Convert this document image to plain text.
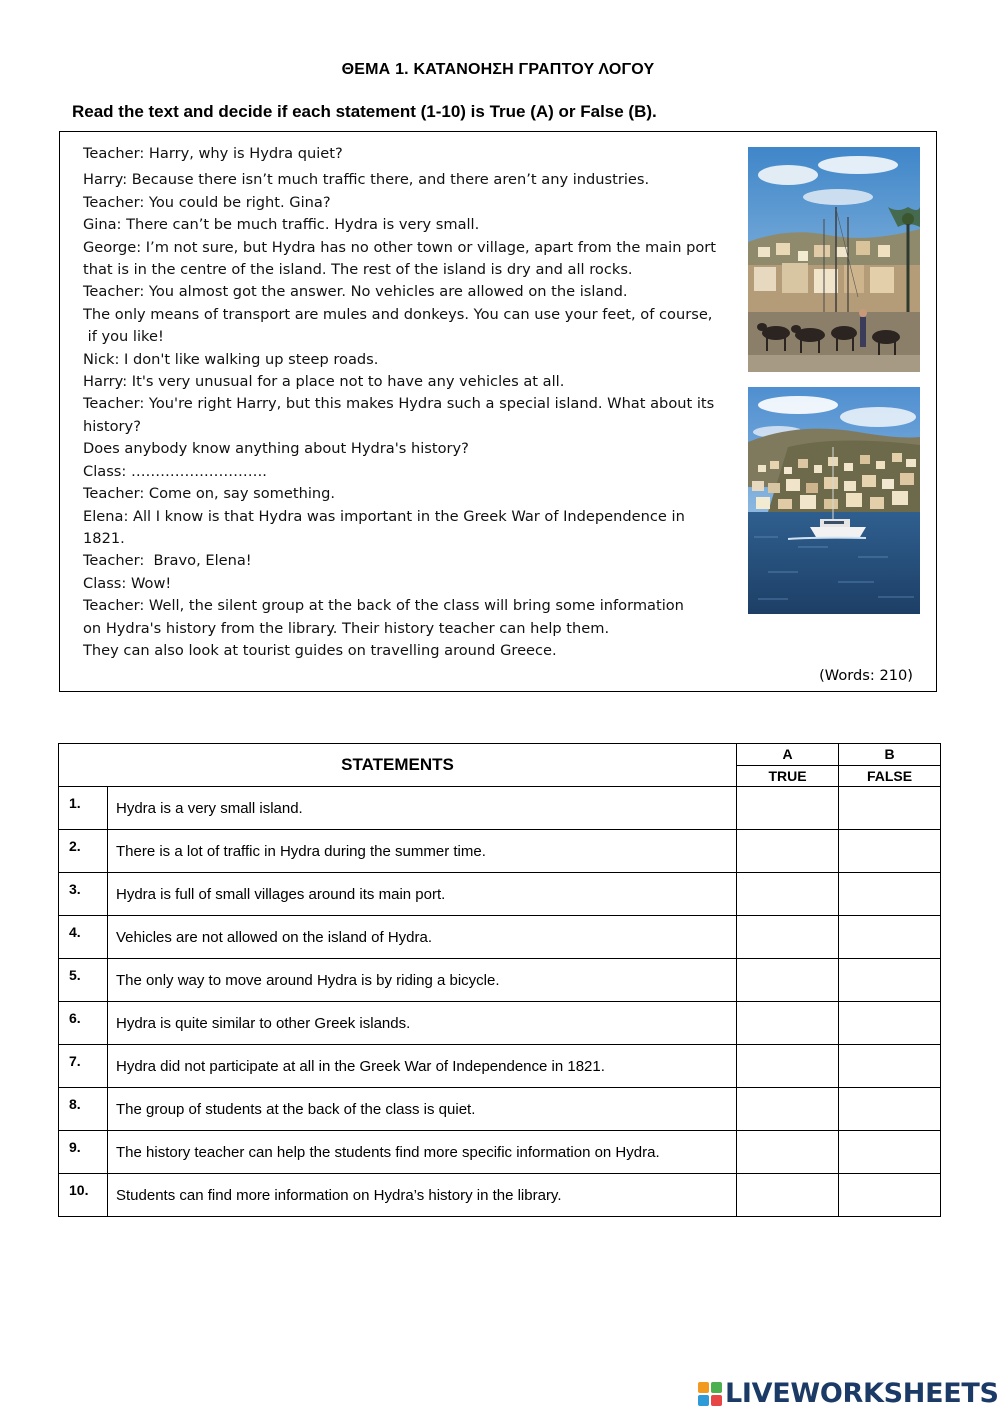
ΘΕΜΑ 1. ΚΑΤΑΝΟΗΣΗ ΓΡΑΠΤΟΥ ΛΟΓΟΥ
Read the text and decide if each statement (1-10) is True (A) or False (B).
Teacher: Harry, why is Hydra quiet?
Harry: Because there isn’t much traffic there, and there aren’t any industries.
Teacher: You could be right. Gina?
Gina: There can’t be much traffic. Hydra is very small.
George: I’m not sure, but Hydra has no other town or village, apart from the main port
that is in the centre of the island. The rest of the island is dry and all rocks.
Teacher: You almost got the answer. No vehicles are allowed on the island.
The only means of transport are mules and donkeys. You can use your feet, of course,
if you like!
Nick: I don't like walking up steep roads.
Harry: It's very unusual for a place not to have any vehicles at all.
Teacher: You're right Harry, but this makes Hydra such a special island. What about its
history?
Does anybody know anything about Hydra's history?
Class: ……………………….
Teacher: Come on, say something.
Elena: All I know is that Hydra was important in the Greek War of Independence in
1821.
Teacher:  Bravo, Elena!
Class: Wow!
Teacher: Well, the silent group at the back of the class will bring some information
on Hydra's history from the library. Their history teacher can help them.
They can also look at tourist guides on travelling around Greece.
(Words: 210)
STATEMENTS		A	B
		TRUE	FALSE
1.	Hydra is a very small island.		
2.	There is a lot of traffic in Hydra during the summer time.		
3.	Hydra is full of small villages around its main port.		
4.	Vehicles are not allowed on the island of Hydra.		
5.	The only way to move around Hydra is by riding a bicycle.		
6.	Hydra is quite similar to other Greek islands.		
7.	Hydra did not participate at all in the Greek War of Independence in 1821.		
8.	The group of students at the back of the class is quiet.		
9.	The history teacher can help the students find more specific information on Hydra.		
10.	Students can find more information on Hydra’s history in the library.		
LIVEWORKSHEETS
